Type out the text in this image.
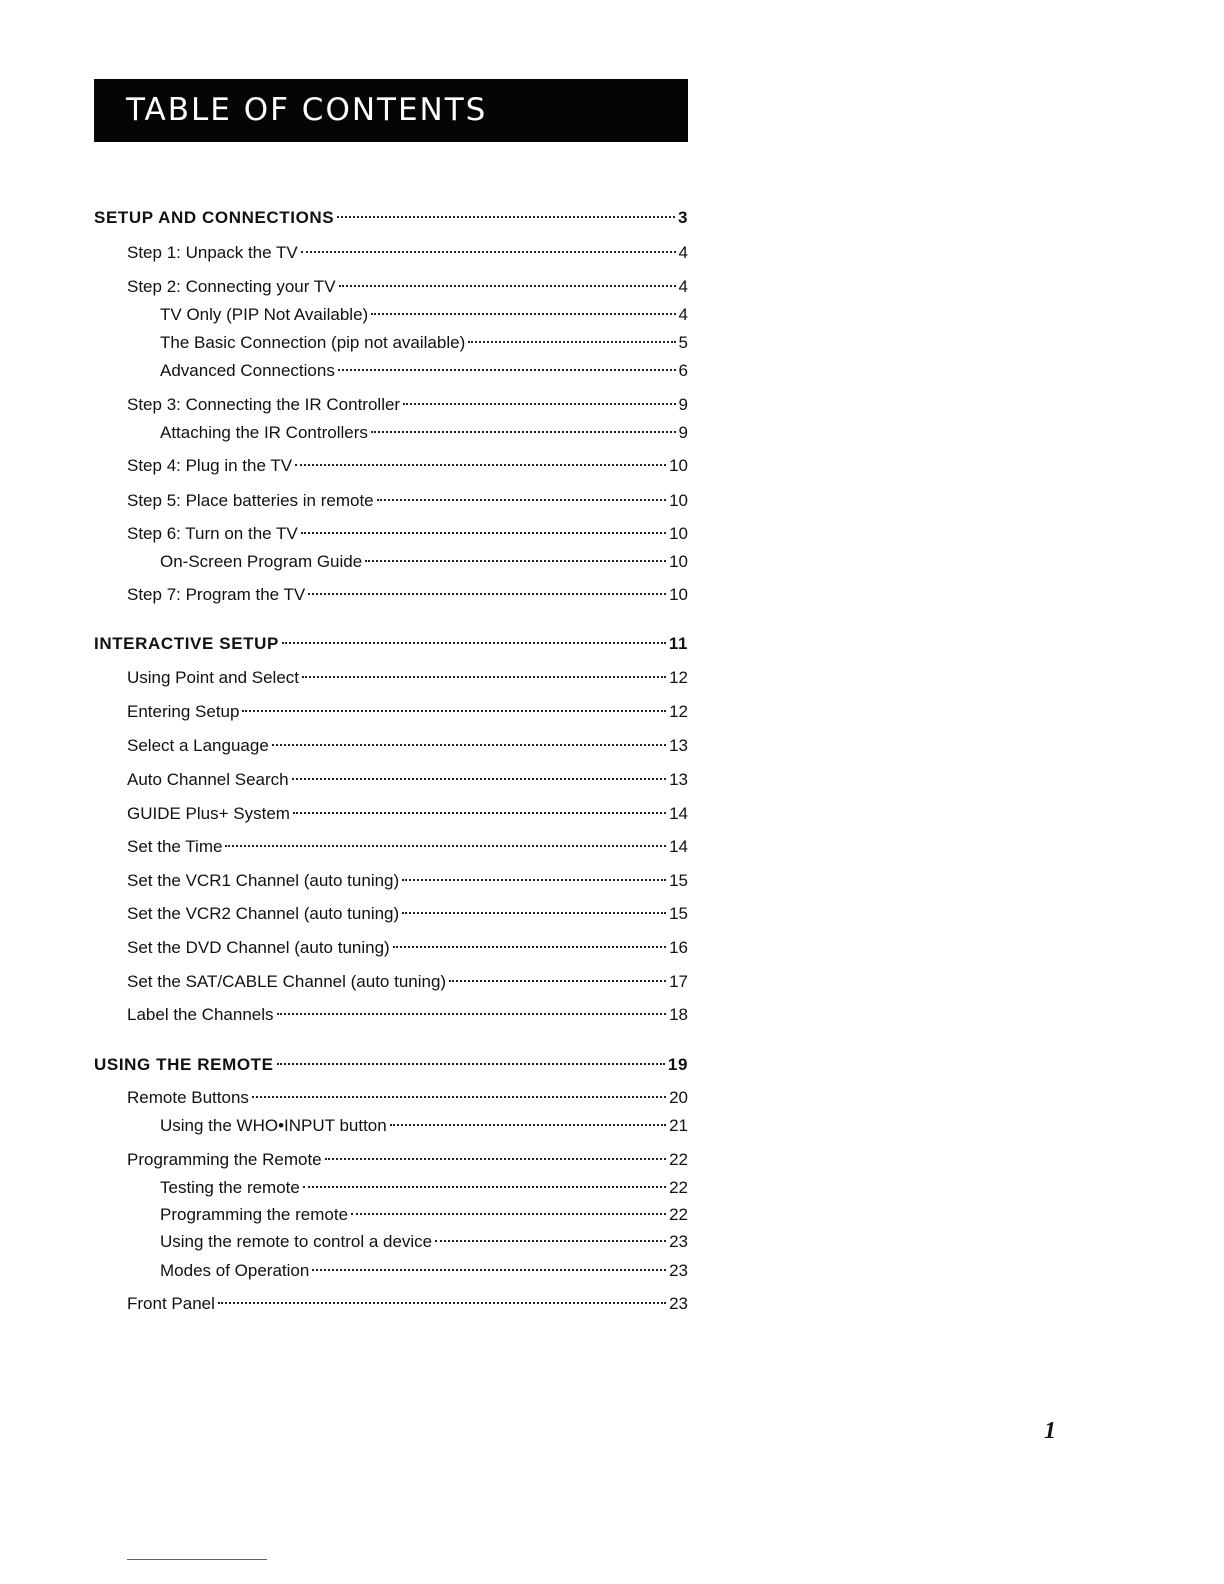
TABLE OF CONTENTS
SETUP AND CONNECTIONS	3
Step 1: Unpack the TV	4
Step 2: Connecting your TV	4
TV Only (PIP Not Available)	4
The Basic Connection (pip not available)	5
Advanced Connections	6
Step 3: Connecting the IR Controller	9
Attaching the IR Controllers	9
Step 4: Plug in the TV	10
Step 5: Place batteries in remote	10
Step 6: Turn on the TV	10
On-Screen Program Guide	10
Step 7: Program the TV	10
INTERACTIVE SETUP	11
Using Point and Select	12
Entering Setup	12
Select a Language	13
Auto Channel Search	13
GUIDE Plus+ System	14
Set the Time	14
Set the VCR1 Channel (auto tuning)	15
Set the VCR2 Channel (auto tuning)	15
Set the DVD Channel (auto tuning)	16
Set the SAT/CABLE Channel (auto tuning)	17
Label the Channels	18
USING THE REMOTE	19
Remote Buttons	20
Using the WHO•INPUT button	21
Programming the Remote	22
Testing the remote	22
Programming the remote	22
Using the remote to control a device	23
Modes of Operation	23
Front Panel	23
1
